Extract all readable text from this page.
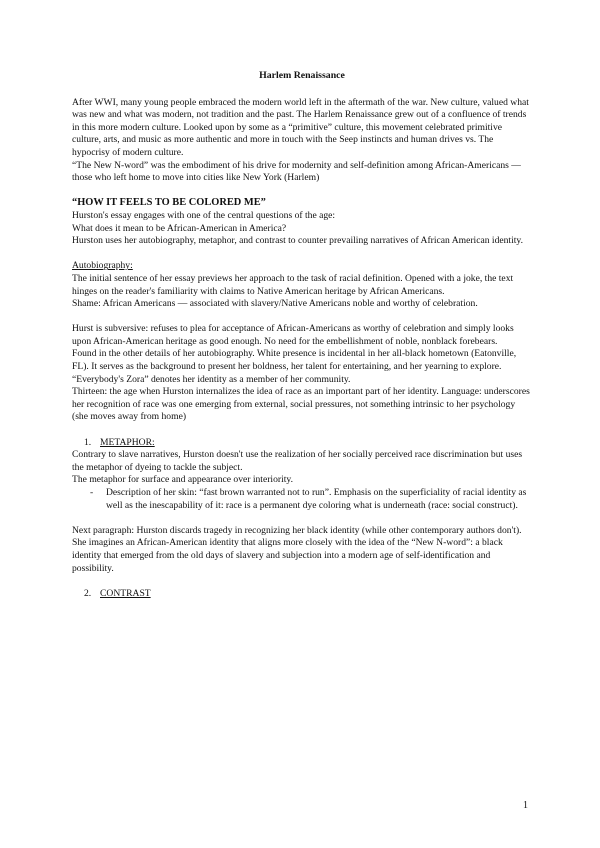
Harlem Renaissance

After WWI, many young people embraced the modern world left in the aftermath of the war. New culture, valued what was new and what was modern, not tradition and the past. The Harlem Renaissance grew out of a confluence of trends in this more modern culture. Looked upon by some as a “primitive” culture, this movement celebrated primitive culture, arts, and music as more authentic and more in touch with the Seep instincts and human drives vs. The hypocrisy of modern culture.

“The New N-word” was the embodiment of his drive for modernity and self-definition among African-Americans — those who left home to move into cities like New York (Harlem)

“HOW IT FEELS TO BE COLORED ME”

Hurston's essay engages with one of the central questions of the age:

What does it mean to be African-American in America?

Hurston uses her autobiography, metaphor, and contrast to counter prevailing narratives of African American identity.

Autobiography:

The initial sentence of her essay previews her approach to the task of racial definition. Opened with a joke, the text hinges on the reader's familiarity with claims to Native American heritage by African Americans.

Shame: African Americans — associated with slavery/Native Americans noble and worthy of celebration.

Hurst is subversive: refuses to plea for acceptance of African-Americans as worthy of celebration and simply looks upon African-American heritage as good enough. No need for the embellishment of noble, nonblack forebears.

Found in the other details of her autobiography. White presence is incidental in her all-black hometown (Eatonville, FL). It serves as the background to present her boldness, her talent for entertaining, and her yearning to explore. “Everybody's Zora” denotes her identity as a member of her community.

Thirteen: the age when Hurston internalizes the idea of race as an important part of her identity. Language: underscores her recognition of race was one emerging from external, social pressures, not something intrinsic to her psychology (she moves away from home)

1. METAPHOR:

Contrary to slave narratives, Hurston doesn't use the realization of her socially perceived race discrimination but uses the metaphor of dyeing to tackle the subject.

The metaphor for surface and appearance over interiority.

- Description of her skin: “fast brown warranted not to run”. Emphasis on the superficiality of racial identity as well as the inescapability of it: race is a permanent dye coloring what is underneath (race: social construct).

Next paragraph: Hurston discards tragedy in recognizing her black identity (while other contemporary authors don't). She imagines an African-American identity that aligns more closely with the idea of the “New N-word”: a black identity that emerged from the old days of slavery and subjection into a modern age of self-identification and possibility.

2. CONTRAST
1
